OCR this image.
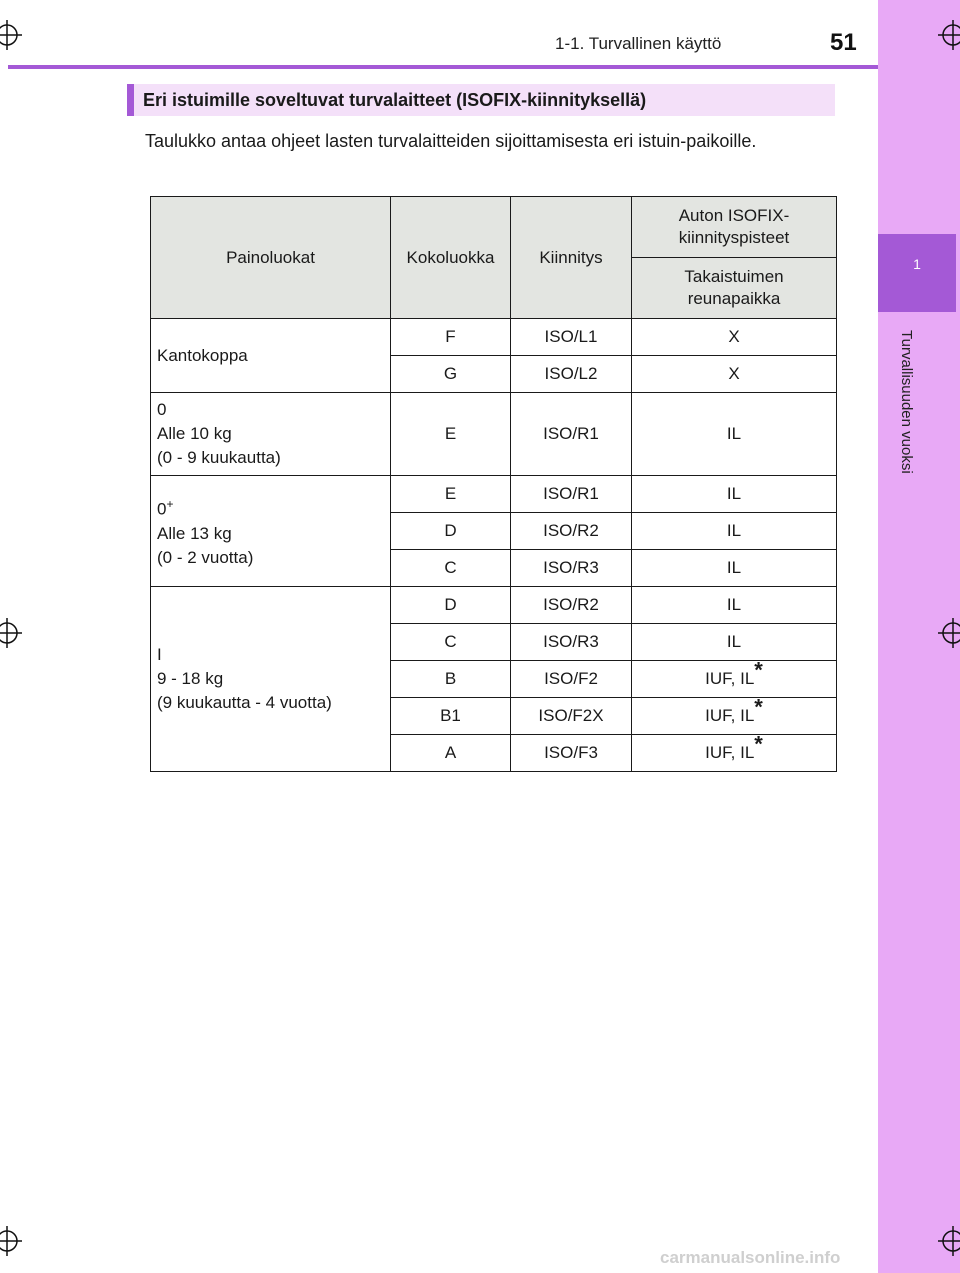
1
Turvallisuuden vuoksi
1-1. Turvallinen käyttö	51
Eri istuimille soveltuvat turvalaitteet (ISOFIX-kiinnityksellä)
Taulukko antaa ohjeet lasten turvalaitteiden sijoittamisesta eri istuin-paikoille.
Painoluokat	Kokoluokka	Kiinnitys	Auton ISOFIX-kiinnityspisteet
			Takaistuimen reunapaikka

Kantokoppa	F	ISO/L1	X
	G	ISO/L2	X

0
Alle 10 kg
(0 - 9 kuukautta)	E	ISO/R1	IL

0+
Alle 13 kg
(0 - 2 vuotta)	E	ISO/R1	IL
	D	ISO/R2	IL
	C	ISO/R3	IL

I
9 - 18 kg
(9 kuukautta - 4 vuotta)	D	ISO/R2	IL
	C	ISO/R3	IL
	B	ISO/F2	IUF, IL*
	B1	ISO/F2X	IUF, IL*
	A	ISO/F3	IUF, IL*
carmanualsonline.info
